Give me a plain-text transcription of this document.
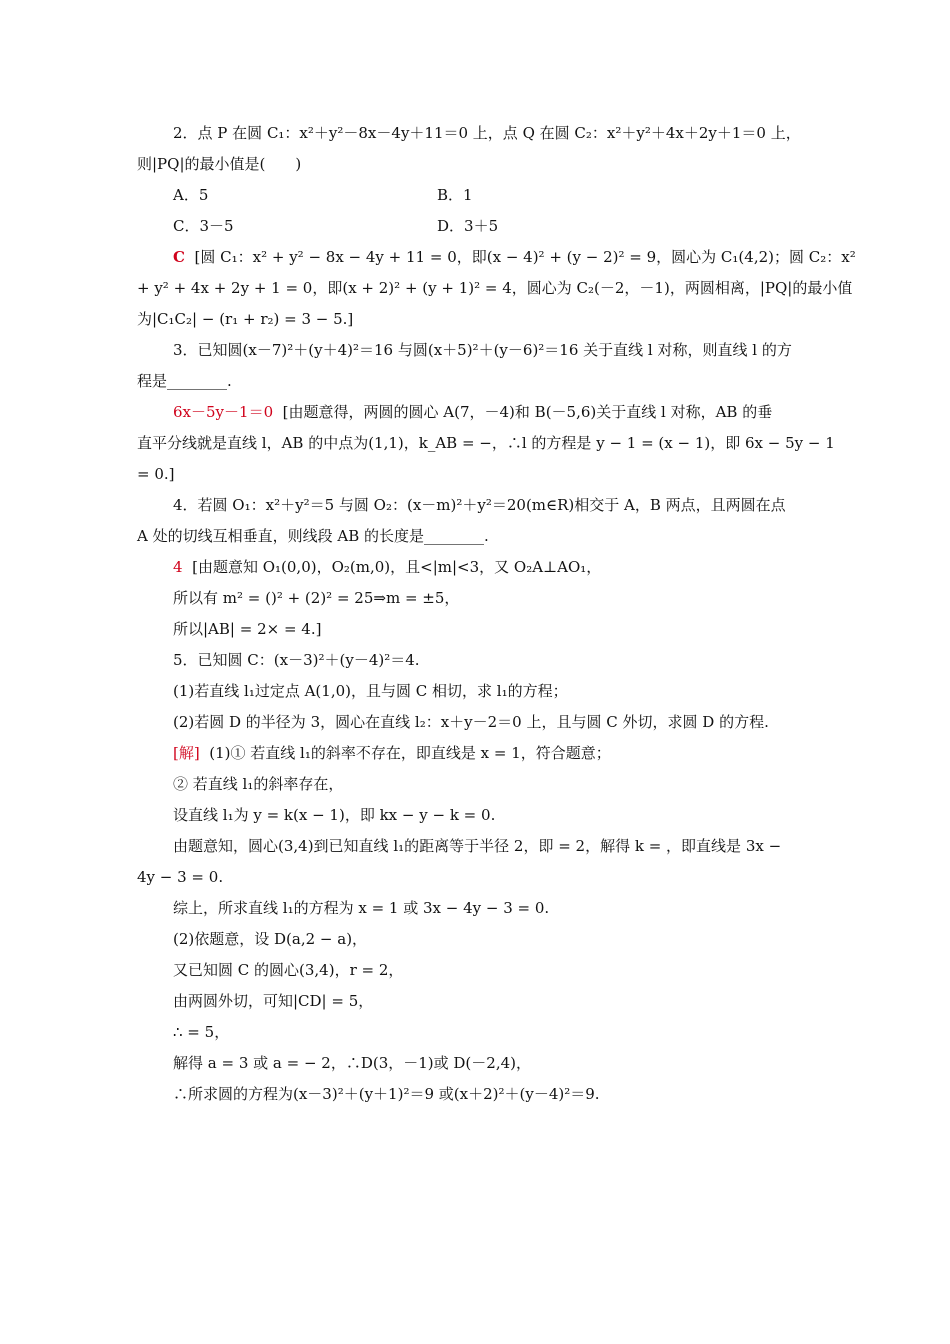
2．点 P 在圆 C₁：x²＋y²－8x－4y＋11＝0 上，点 Q 在圆 C₂：x²＋y²＋4x＋2y＋1＝0 上，
则|PQ|的最小值是(　　)
A．5	B．1
C．3－5	D．3＋5
C [圆 C₁：x² + y² − 8x − 4y + 11 = 0，即(x − 4)² + (y − 2)² = 9，圆心为 C₁(4,2)；圆 C₂：x²
+ y² + 4x + 2y + 1 = 0，即(x + 2)² + (y + 1)² = 4，圆心为 C₂(－2，－1)，两圆相离，|PQ|的最小值
为|C₁C₂| − (r₁ + r₂) = 3 − 5.]
3．已知圆(x－7)²＋(y＋4)²＝16 与圆(x＋5)²＋(y－6)²＝16 关于直线 l 对称，则直线 l 的方
程是________.
6x－5y－1＝0 [由题意得，两圆的圆心 A(7，－4)和 B(－5,6)关于直线 l 对称，AB 的垂
直平分线就是直线 l，AB 的中点为(1,1)，k_AB = −，∴l 的方程是 y − 1 = (x − 1)，即 6x − 5y − 1
= 0.]
4．若圆 O₁：x²＋y²＝5 与圆 O₂：(x－m)²＋y²＝20(m∈R)相交于 A，B 两点，且两圆在点
A 处的切线互相垂直，则线段 AB 的长度是________.
4 [由题意知 O₁(0,0)，O₂(m,0)，且<|m|<3，又 O₂A⊥AO₁，
所以有 m² = ()² + (2)² = 25⇒m = ±5，
所以|AB| = 2× = 4.]
5．已知圆 C：(x－3)²＋(y－4)²＝4.
(1)若直线 l₁过定点 A(1,0)，且与圆 C 相切，求 l₁的方程；
(2)若圆 D 的半径为 3，圆心在直线 l₂：x＋y－2＝0 上，且与圆 C 外切，求圆 D 的方程.
[解] (1)① 若直线 l₁的斜率不存在，即直线是 x = 1，符合题意；
② 若直线 l₁的斜率存在，
设直线 l₁为 y = k(x − 1)，即 kx − y − k = 0.
由题意知，圆心(3,4)到已知直线 l₁的距离等于半径 2，即 = 2，解得 k = ，即直线是 3x −
4y − 3 = 0.
综上，所求直线 l₁的方程为 x = 1 或 3x − 4y − 3 = 0.
(2)依题意，设 D(a,2 − a)，
又已知圆 C 的圆心(3,4)，r = 2，
由两圆外切，可知|CD| = 5，
∴ = 5，
解得 a = 3 或 a = − 2，∴D(3，－1)或 D(－2,4)，
∴所求圆的方程为(x－3)²＋(y＋1)²＝9 或(x＋2)²＋(y－4)²＝9.
